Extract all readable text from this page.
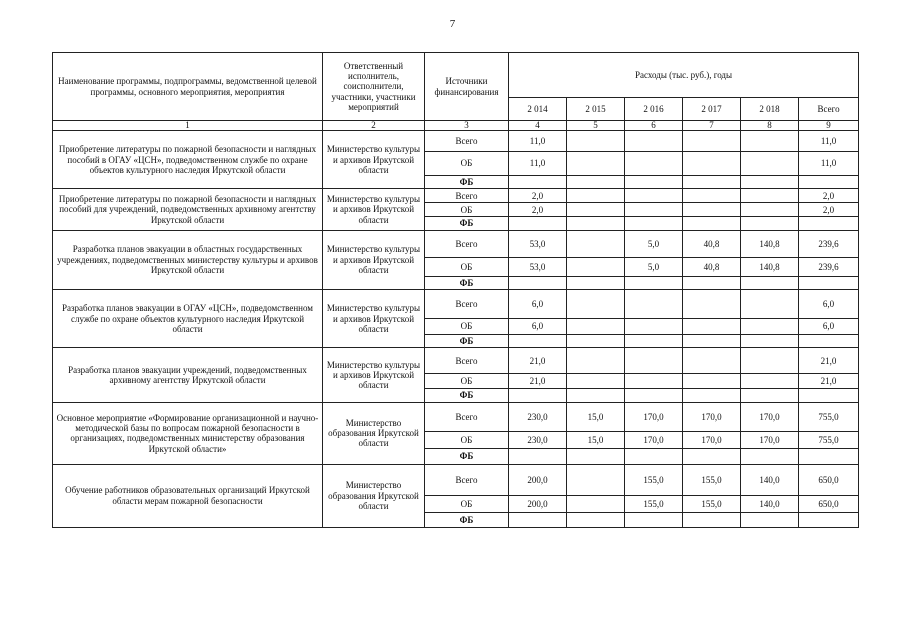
7
Наименование программы, подпрограммы, ведомственной целевой программы, основного мероприятия, мероприятия	Ответственный исполнитель, соисполнители, участники, участники мероприятий	Источники финансирования	Расходы (тыс. руб.), годы					
			2 014	2 015	2 016	2 017	2 018	Всего
1	2	3	4	5	6	7	8	9
Приобретение литературы по пожарной безопасности и наглядных пособий в ОГАУ «ЦСН», подведомственном службе по охране объектов культурного наследия Иркутской области	Министерство культуры и архивов Иркутской области	Всего	11,0					11,0
		ОБ	11,0					11,0
		ФБ						
Приобретение литературы по пожарной безопасности и наглядных пособий для учреждений, подведомственных архивному агентству Иркутской области	Министерство культуры и архивов Иркутской области	Всего	2,0					2,0
		ОБ	2,0					2,0
		ФБ						
Разработка планов эвакуации в областных государственных учреждениях, подведомственных министерству культуры и архивов Иркутской области	Министерство культуры и архивов Иркутской области	Всего	53,0		5,0	40,8	140,8	239,6
		ОБ	53,0		5,0	40,8	140,8	239,6
		ФБ						
Разработка планов эвакуации в ОГАУ «ЦСН», подведомственном службе по охране объектов культурного наследия Иркутской области	Министерство культуры и архивов Иркутской области	Всего	6,0					6,0
		ОБ	6,0					6,0
		ФБ						
Разработка планов эвакуации учреждений, подведомственных архивному агентству Иркутской области	Министерство культуры и архивов Иркутской области	Всего	21,0					21,0
		ОБ	21,0					21,0
		ФБ						
Основное мероприятие «Формирование организационной и научно-методической базы по вопросам пожарной безопасности в организациях, подведомственных министерству образования Иркутской области»	Министерство образования Иркутской области	Всего	230,0	15,0	170,0	170,0	170,0	755,0
		ОБ	230,0	15,0	170,0	170,0	170,0	755,0
		ФБ						
Обучение работников образовательных организаций Иркутской области мерам пожарной безопасности	Министерство образования Иркутской области	Всего	200,0		155,0	155,0	140,0	650,0
		ОБ	200,0		155,0	155,0	140,0	650,0
		ФБ						
